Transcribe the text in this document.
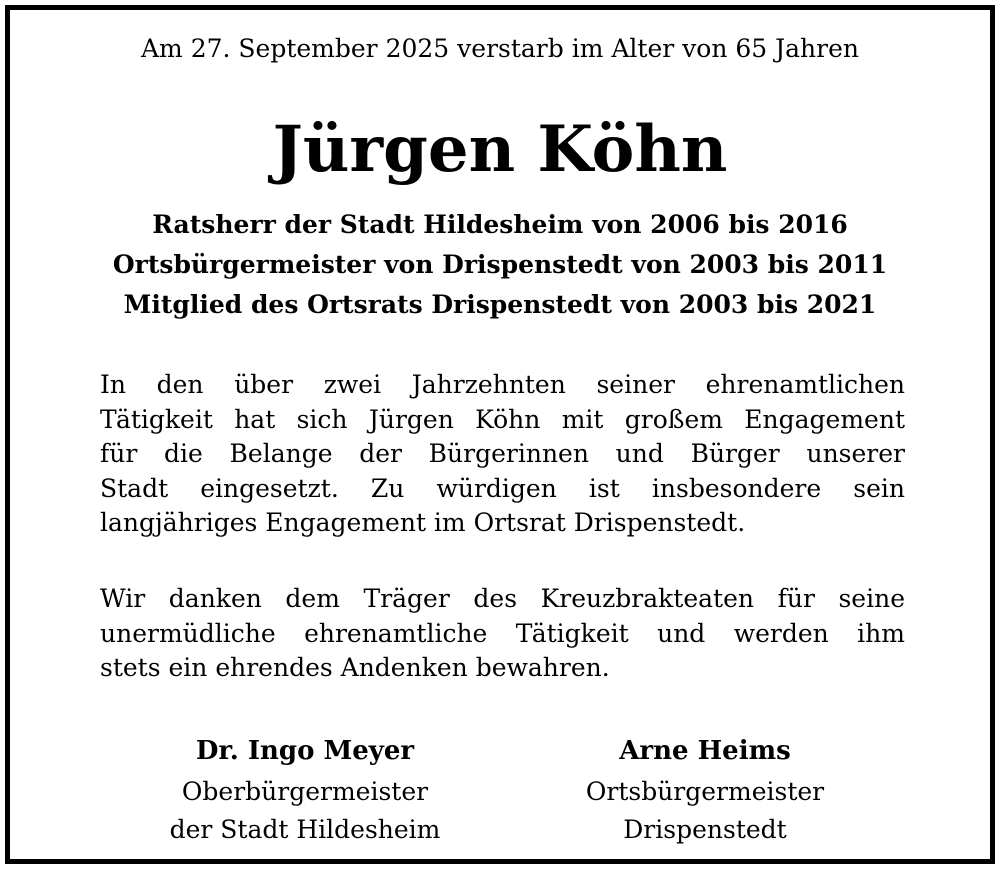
Am 27. September 2025 verstarb im Alter von 65 Jahren
Jürgen Köhn
Ratsherr der Stadt Hildesheim von 2006 bis 2016
Ortsbürgermeister von Drispenstedt von 2003 bis 2011
Mitglied des Ortsrats Drispenstedt von 2003 bis 2021
In den über zwei Jahrzehnten seiner ehrenamtlichen
Tätigkeit hat sich Jürgen Köhn mit großem Engagement
für die Belange der Bürgerinnen und Bürger unserer
Stadt eingesetzt. Zu würdigen ist insbesondere sein
langjähriges Engagement im Ortsrat Drispenstedt.
Wir danken dem Träger des Kreuzbrakteaten für seine
unermüdliche ehrenamtliche Tätigkeit und werden ihm
stets ein ehrendes Andenken bewahren.
Dr. Ingo Meyer
Oberbürgermeister
der Stadt Hildesheim
Arne Heims
Ortsbürgermeister
Drispenstedt
